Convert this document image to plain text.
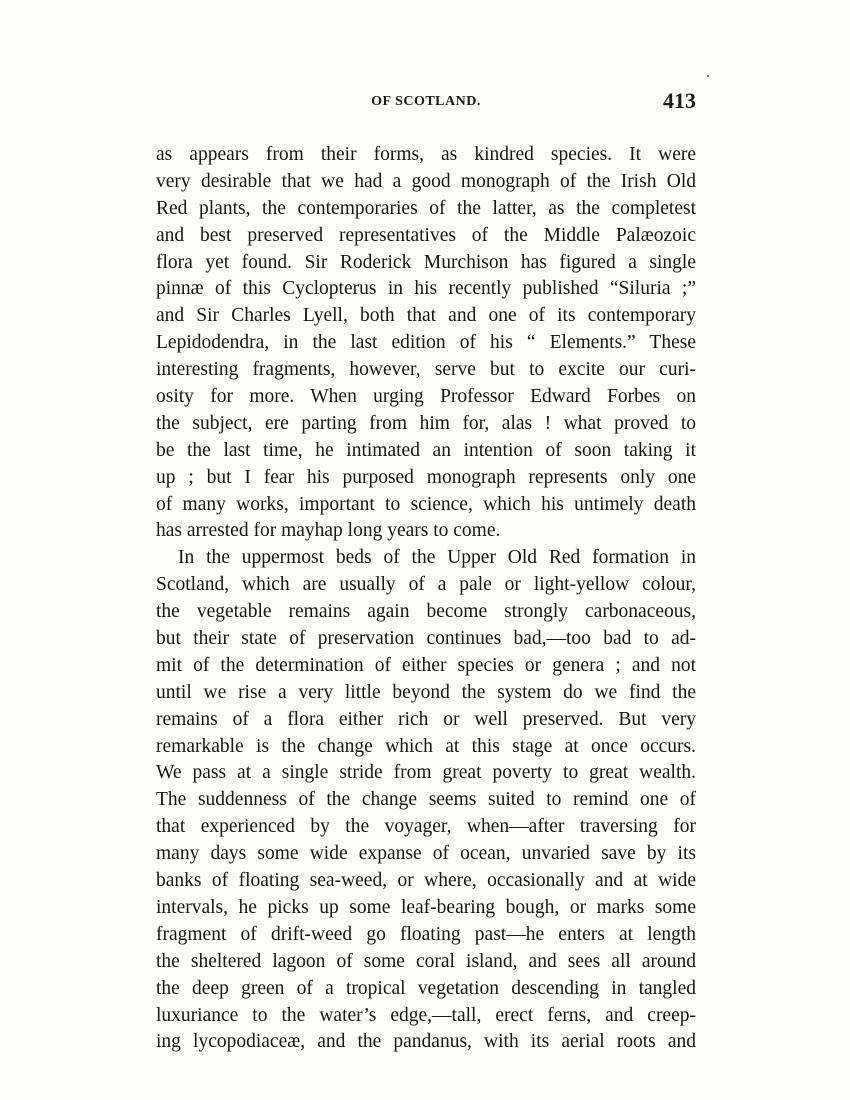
OF SCOTLAND.	413
as appears from their forms, as kindred species. It were
very desirable that we had a good monograph of the Irish Old
Red plants, the contemporaries of the latter, as the completest
and best preserved representatives of the Middle Palæozoic
flora yet found. Sir Roderick Murchison has figured a single
pinnæ of this Cyclopterus in his recently published “Siluria ;”
and Sir Charles Lyell, both that and one of its contemporary
Lepidodendra, in the last edition of his “ Elements.” These
interesting fragments, however, serve but to excite our curi-
osity for more. When urging Professor Edward Forbes on
the subject, ere parting from him for, alas ! what proved to
be the last time, he intimated an intention of soon taking it
up ; but I fear his purposed monograph represents only one
of many works, important to science, which his untimely death
has arrested for mayhap long years to come.
In the uppermost beds of the Upper Old Red formation in
Scotland, which are usually of a pale or light-yellow colour,
the vegetable remains again become strongly carbonaceous,
but their state of preservation continues bad,—too bad to ad-
mit of the determination of either species or genera ; and not
until we rise a very little beyond the system do we find the
remains of a flora either rich or well preserved. But very
remarkable is the change which at this stage at once occurs.
We pass at a single stride from great poverty to great wealth.
The suddenness of the change seems suited to remind one of
that experienced by the voyager, when—after traversing for
many days some wide expanse of ocean, unvaried save by its
banks of floating sea-weed, or where, occasionally and at wide
intervals, he picks up some leaf-bearing bough, or marks some
fragment of drift-weed go floating past—he enters at length
the sheltered lagoon of some coral island, and sees all around
the deep green of a tropical vegetation descending in tangled
luxuriance to the water’s edge,—tall, erect ferns, and creep-
ing lycopodiaceæ, and the pandanus, with its aerial roots and
